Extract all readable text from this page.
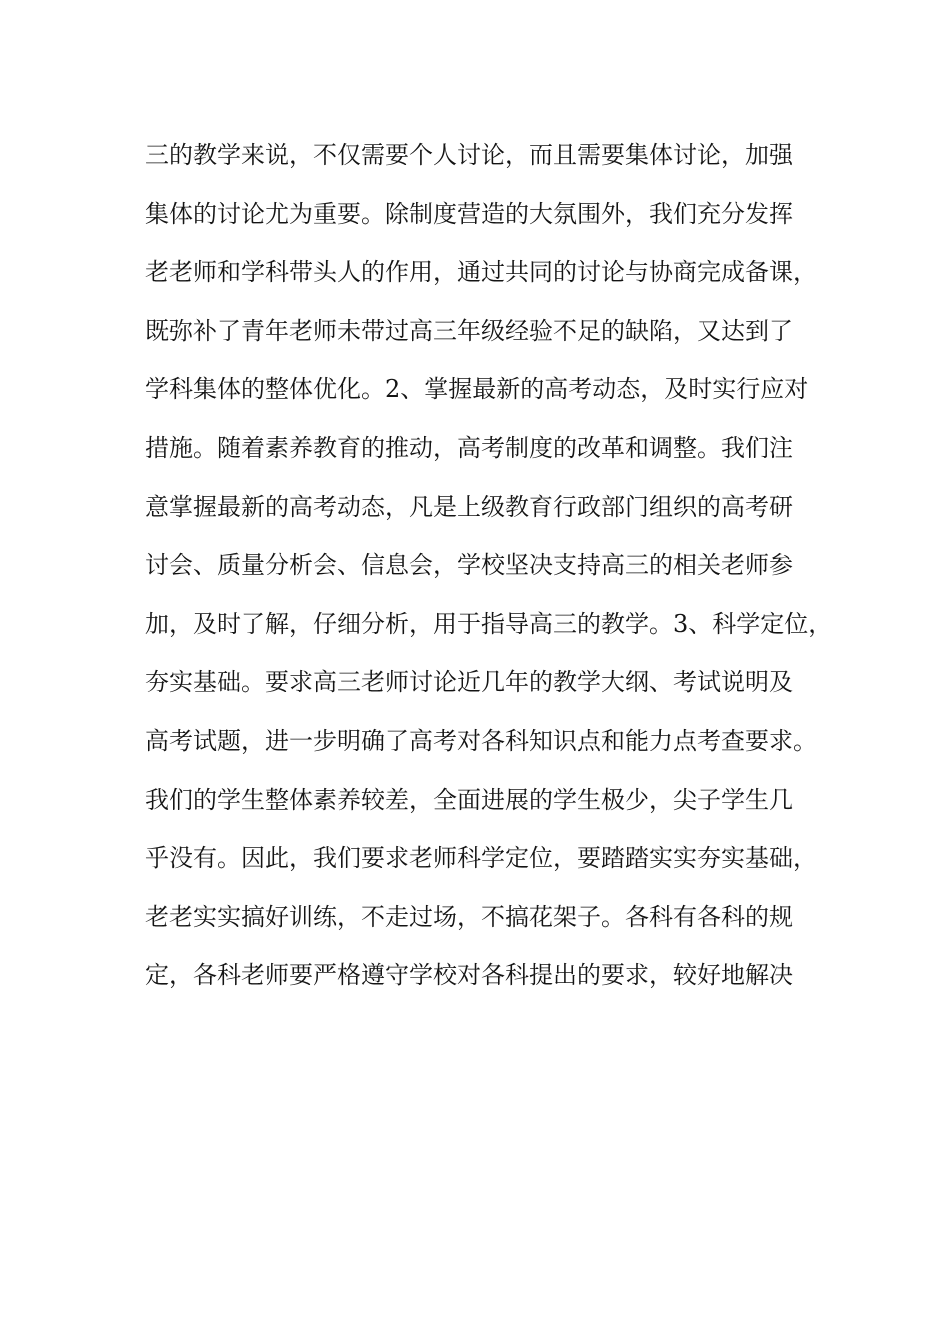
三的教学来说，不仅需要个人讨论，而且需要集体讨论，加强
集体的讨论尤为重要。除制度营造的大氛围外，我们充分发挥
老老师和学科带头人的作用，通过共同的讨论与协商完成备课，
既弥补了青年老师未带过高三年级经验不足的缺陷，又达到了
学科集体的整体优化。2、掌握最新的高考动态，及时实行应对
措施。随着素养教育的推动，高考制度的改革和调整。我们注
意掌握最新的高考动态，凡是上级教育行政部门组织的高考研
讨会、质量分析会、信息会，学校坚决支持高三的相关老师参
加，及时了解，仔细分析，用于指导高三的教学。3、科学定位，
夯实基础。要求高三老师讨论近几年的教学大纲、考试说明及
高考试题，进一步明确了高考对各科知识点和能力点考查要求。
我们的学生整体素养较差，全面进展的学生极少，尖子学生几
乎没有。因此，我们要求老师科学定位，要踏踏实实夯实基础，
老老实实搞好训练，不走过场，不搞花架子。各科有各科的规
定，各科老师要严格遵守学校对各科提出的要求，较好地解决
